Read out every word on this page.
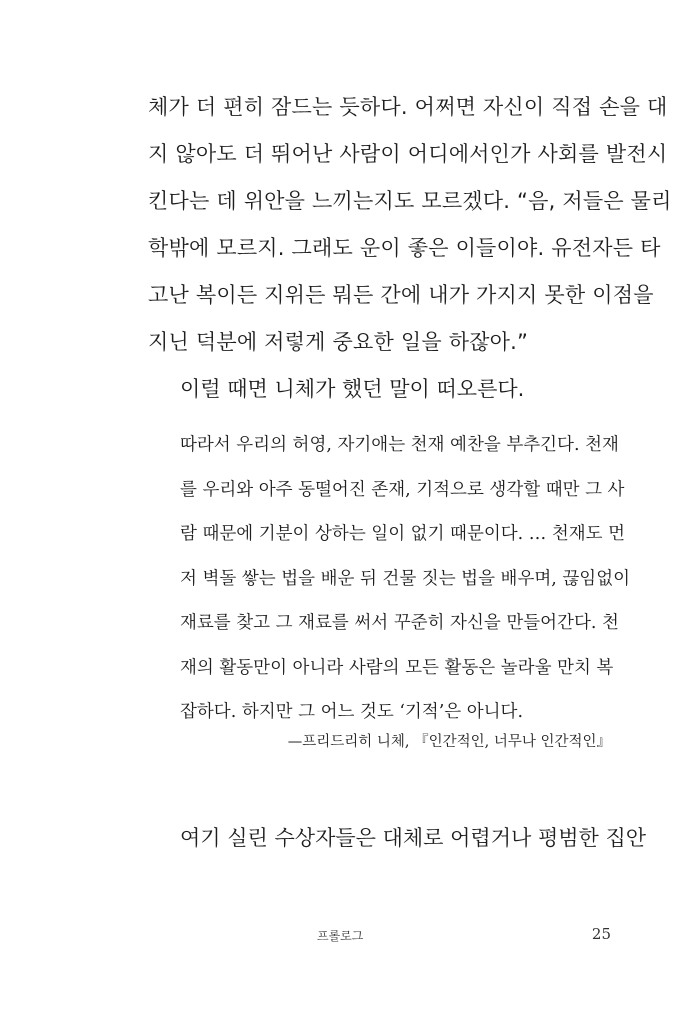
체가 더 편히 잠드는 듯하다. 어쩌면 자신이 직접 손을 대
지 않아도 더 뛰어난 사람이 어디에서인가 사회를 발전시
킨다는 데 위안을 느끼는지도 모르겠다. “음, 저들은 물리
학밖에 모르지. 그래도 운이 좋은 이들이야. 유전자든 타
고난 복이든 지위든 뭐든 간에 내가 가지지 못한 이점을
지닌 덕분에 저렇게 중요한 일을 하잖아.”
이럴 때면 니체가 했던 말이 떠오른다.
따라서 우리의 허영, 자기애는 천재 예찬을 부추긴다. 천재
를 우리와 아주 동떨어진 존재, 기적으로 생각할 때만 그 사
람 때문에 기분이 상하는 일이 없기 때문이다. … 천재도 먼
저 벽돌 쌓는 법을 배운 뒤 건물 짓는 법을 배우며, 끊임없이
재료를 찾고 그 재료를 써서 꾸준히 자신을 만들어간다. 천
재의 활동만이 아니라 사람의 모든 활동은 놀라울 만치 복
잡하다. 하지만 그 어느 것도 ‘기적’은 아니다.
—프리드리히 니체, 『인간적인, 너무나 인간적인』
여기 실린 수상자들은 대체로 어렵거나 평범한 집안
프롤로그	25
